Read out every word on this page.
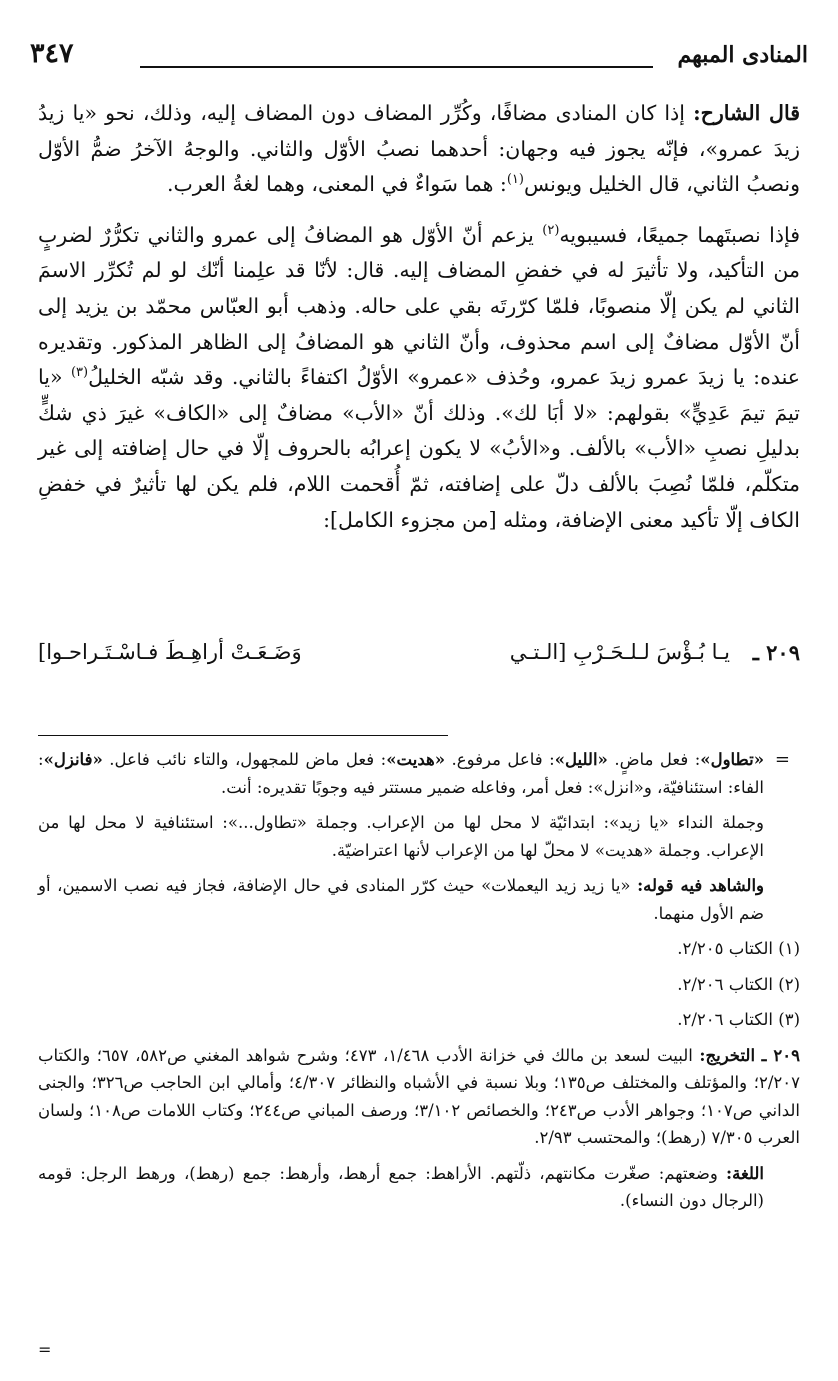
المنادى المبهم
٣٤٧

قال الشارح: إذا كان المنادى مضافًا، وكُرِّر المضاف دون المضاف إليه، وذلك، نحو «يا زيدُ زيدَ عمرو»، فإنّه يجوز فيه وجهان: أحدهما نصبُ الأوّل والثاني. والوجهُ الآخرُ ضمُّ الأوّل ونصبُ الثاني، قال الخليل ويونس$^{(١)}$: هما سَواءٌ في المعنى، وهما لغةُ العرب.

فإذا نصبتَهما جميعًا، فسيبويه$^{(٢)}$ يزعم أنّ الأوّل هو المضافُ إلى عمرو والثاني تكرُّرٌ لضربٍ من التأكيد، ولا تأثيرَ له في خفضِ المضاف إليه. قال: لأنّا قد علِمنا أنّك لو لم تُكرِّر الاسمَ الثاني لم يكن إلّا منصوبًا، فلمّا كرّرتَه بقي على حاله. وذهب أبو العبّاس محمّد بن يزيد إلى أنّ الأوّل مضافٌ إلى اسم محذوف، وأنّ الثاني هو المضافُ إلى الظاهر المذكور. وتقديره عنده: يا زيدَ عمرو زيدَ عمرو، وحُذف «عمرو» الأوّلُ اكتفاءً بالثاني. وقد شبّه الخليلُ$^{(٣)}$ «يا تيمَ تيمَ عَدِيٍّ» بقولهم: «لا أبَا لك». وذلك أنّ «الأب» مضافٌ إلى «الكاف» غيرَ ذي شكٍّ بدليلِ نصبِ «الأب» بالألف. و«الأبُ» لا يكون إعرابُه بالحروف إلّا في حال إضافته إلى غير متكلّم، فلمّا نُصِبَ بالألف دلّ على إضافته، ثمّ أُقحمت اللام، فلم يكن لها تأثيرٌ في خفضِ الكاف إلّا تأكيد معنى الإضافة، ومثله [من مجزوء الكامل]:

٢٠٩ ـ
يـا بُـؤْسَ لـلـحَـرْبِ [الـتـي
وَضَـعَـتْ أراهِـطَ فـاسْـتَـراحـوا]
=

«تطاول»: فعل ماضٍ. «الليل»: فاعل مرفوع. «هديت»: فعل ماض للمجهول، والتاء نائب فاعل. «فانزل»: الفاء: استئنافيّة، و«انزل»: فعل أمر، وفاعله ضمير مستتر فيه وجوبًا تقديره: أنت.

وجملة النداء «يا زيد»: ابتدائيّة لا محل لها من الإعراب. وجملة «تطاول...»: استئنافية لا محل لها من الإعراب. وجملة «هديت» لا محلّ لها من الإعراب لأنها اعتراضيّة.

والشاهد فيه قوله: «يا زيد زيد اليعملات» حيث كرّر المنادى في حال الإضافة، فجاز فيه نصب الاسمين، أو ضم الأول منهما.

(١) الكتاب ٢/٢٠٥.

(٢) الكتاب ٢/٢٠٦.

(٣) الكتاب ٢/٢٠٦.

٢٠٩ ـ التخريج: البيت لسعد بن مالك في خزانة الأدب ١/٤٦٨، ٤٧٣؛ وشرح شواهد المغني ص٥٨٢، ٦٥٧؛ والكتاب ٢/٢٠٧؛ والمؤتلف والمختلف ص١٣٥؛ وبلا نسبة في الأشباه والنظائر ٤/٣٠٧؛ وأمالي ابن الحاجب ص٣٢٦؛ والجنى الداني ص١٠٧؛ وجواهر الأدب ص٢٤٣؛ والخصائص ٣/١٠٢؛ ورصف المباني ص٢٤٤؛ وكتاب اللامات ص١٠٨؛ ولسان العرب ٧/٣٠٥ (رهط)؛ والمحتسب ٢/٩٣.

اللغة: وضعتهم: صغّرت مكانتهم، ذلّتهم. الأراهط: جمع أرهط، وأرهط: جمع (رهط)، ورهط الرجل: قومه (الرجال دون النساء).

=
